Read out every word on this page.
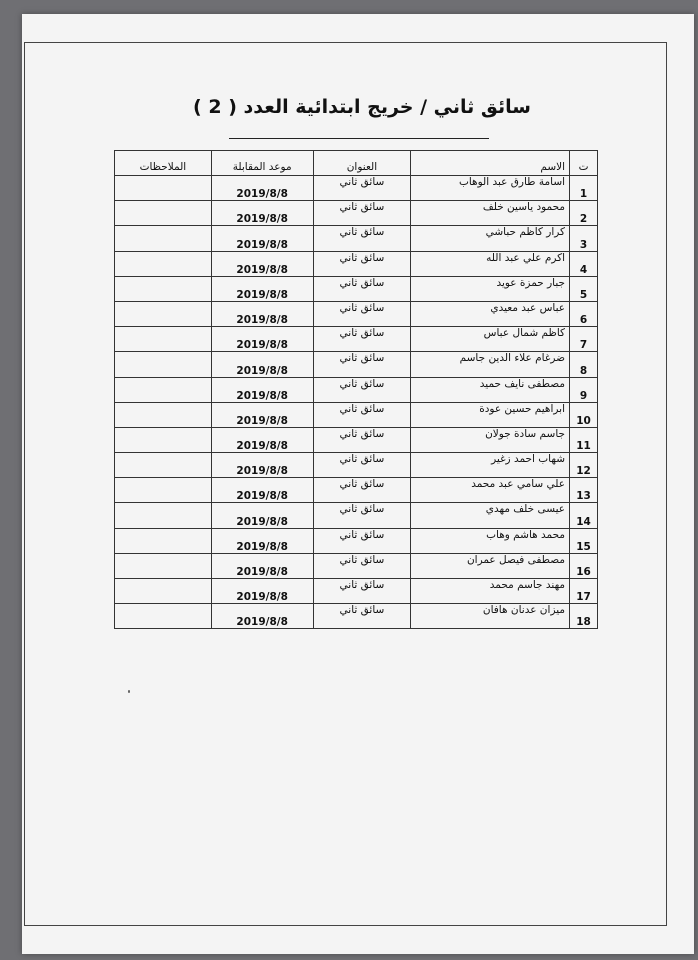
سائق ثاني / خريج ابتدائية العدد ( 2 )
ت	الاسم	العنوان	موعد المقابلة	الملاحظات
1	اسامة طارق عبد الوهاب	سائق ثاني	2019/8/8	
2	محمود ياسين خلف	سائق ثاني	2019/8/8	
3	كرار كاظم حباشي	سائق ثاني	2019/8/8	
4	اكرم علي عبد الله	سائق ثاني	2019/8/8	
5	جبار حمزة عويد	سائق ثاني	2019/8/8	
6	عباس عبد معيدي	سائق ثاني	2019/8/8	
7	كاظم شمال عباس	سائق ثاني	2019/8/8	
8	ضرغام علاء الدين جاسم	سائق ثاني	2019/8/8	
9	مصطفى نايف حميد	سائق ثاني	2019/8/8	
10	ابراهيم حسين عودة	سائق ثاني	2019/8/8	
11	جاسم سادة جولان	سائق ثاني	2019/8/8	
12	شهاب احمد زغير	سائق ثاني	2019/8/8	
13	علي سامي عبد محمد	سائق ثاني	2019/8/8	
14	عيسى خلف مهدي	سائق ثاني	2019/8/8	
15	محمد هاشم وهاب	سائق ثاني	2019/8/8	
16	مصطفى فيصل عمران	سائق ثاني	2019/8/8	
17	مهند جاسم محمد	سائق ثاني	2019/8/8	
18	ميزان عدنان هافان	سائق ثاني	2019/8/8	
